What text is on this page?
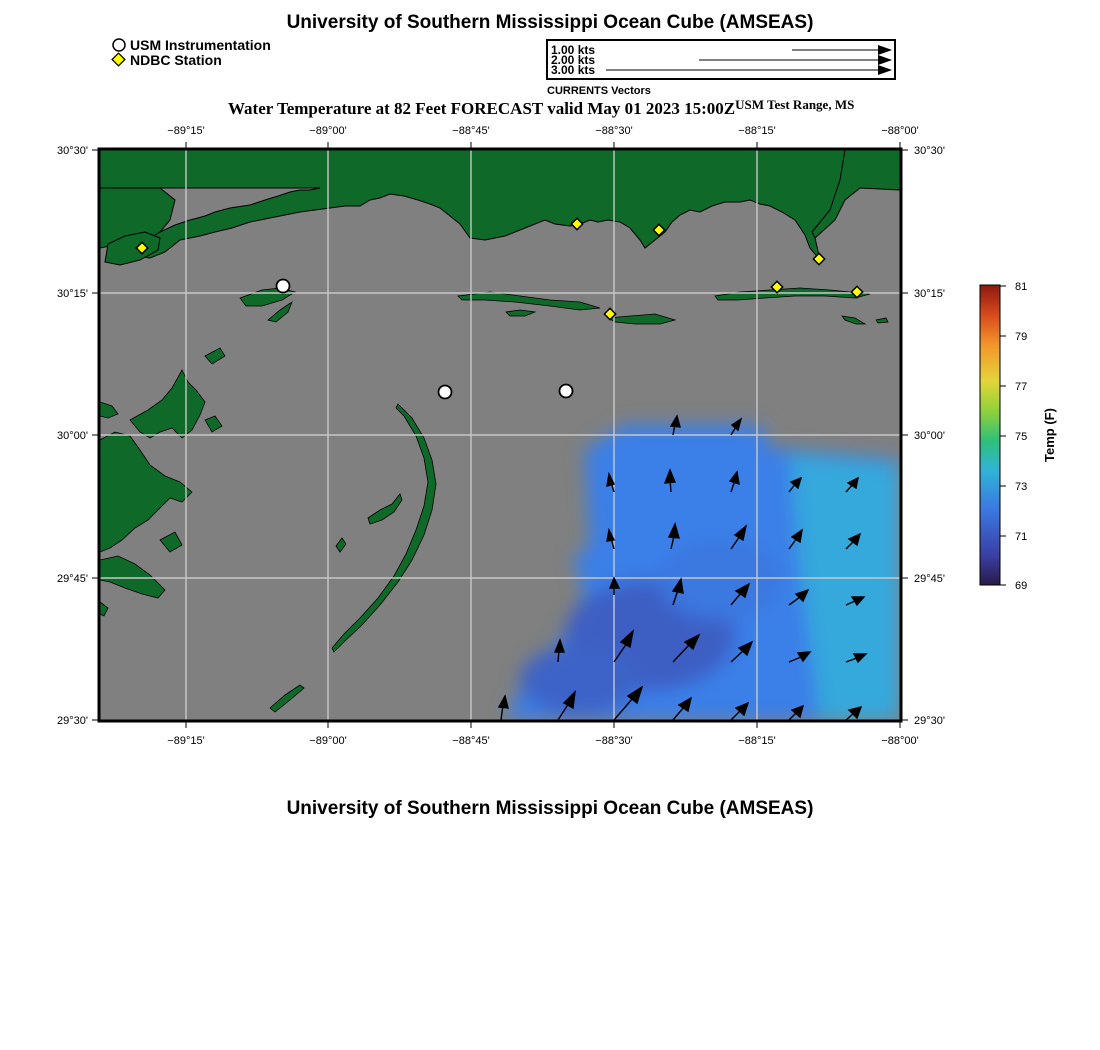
University of Southern Mississippi Ocean Cube (AMSEAS)
USM Instrumentation
NDBC Station
1.00 kts
2.00 kts
3.00 kts
CURRENTS Vectors
Water Temperature at 82 Feet FORECAST valid May 01 2023 $15:00Z^{USM Test Range, MS}$
−89°15'	−89°00'	−88°45'	−88°30'	−88°15'	−88°00'
30°30'
30°15'
30°00'
29°45'
29°30'
30°30'
30°15'
30°00'
29°45'
29°30'
−89°15'	−89°00'	−88°45'	−88°30'	−88°15'	−88°00'
81
79
77
75
73
71
69
Temp (F)
University of Southern Mississippi Ocean Cube (AMSEAS)
